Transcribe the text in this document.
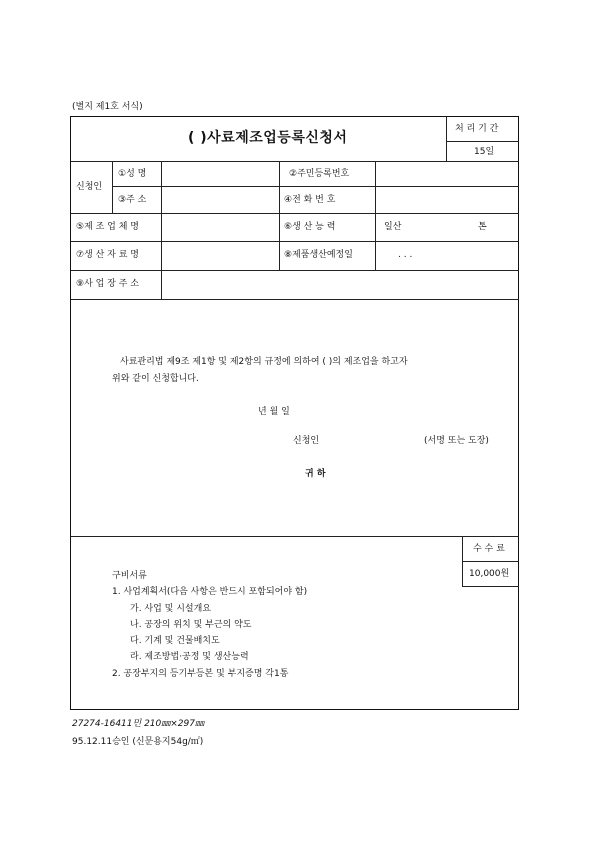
(별지 제1호 서식)
( )사료제조업등록신청서
처 리 기 간
15일
신청인
①성 명	②주민등록번호
③주 소	④전 화 번 호
⑤제 조 업 체 명	⑥생 산 능 력	일산	톤
⑦생 산 자 료 명	⑧제품생산예정일	. . .
⑨사 업 장 주 소
사료관리법 제9조 제1항 및 제2항의 규정에 의하여 ( )의 제조업을 하고자
위와 같이 신청합니다.
년 월 일
신청인	(서명 또는 도장)
귀 하
수 수 료
10,000원
구비서류
1. 사업계획서(다음 사항은 반드시 포함되어야 함)
가. 사업 및 시설개요
나. 공장의 위치 및 부근의 약도
다. 기계 및 건물배치도
라. 제조방법·공정 및 생산능력
2. 공장부지의 등기부등본 및 부지증명 각1통
27274-16411민 210㎜×297㎜
95.12.11승인 (신문용지54g/㎡)
